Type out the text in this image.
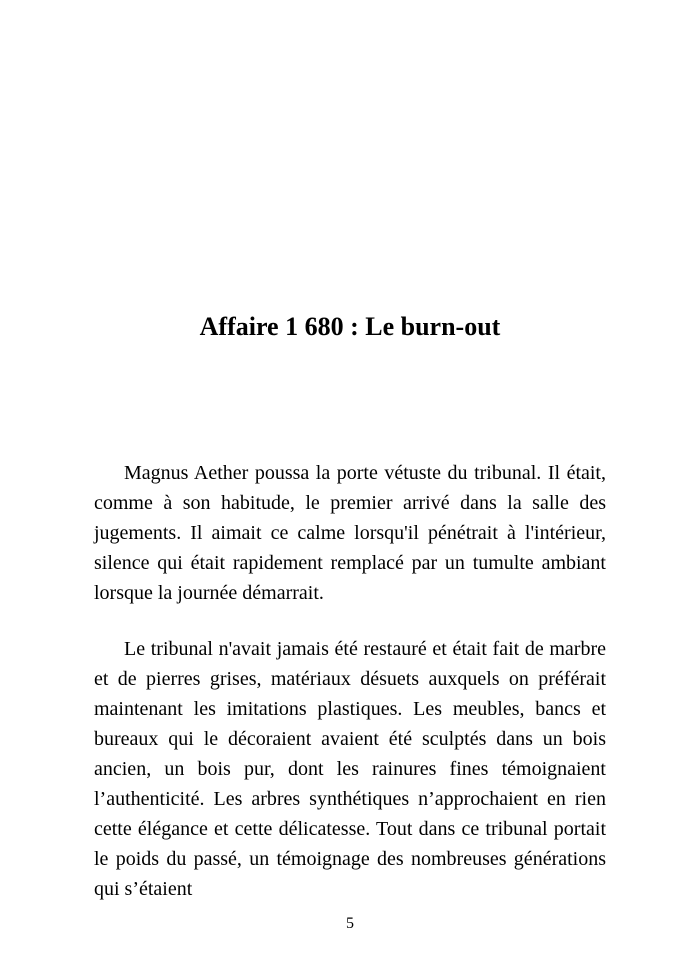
Affaire 1 680 : Le burn-out

Magnus Aether poussa la porte vétuste du tribunal. Il était, comme à son habitude, le premier arrivé dans la salle des jugements. Il aimait ce calme lorsqu'il pénétrait à l'intérieur, silence qui était rapidement remplacé par un tumulte ambiant lorsque la journée démarrait.

Le tribunal n'avait jamais été restauré et était fait de marbre et de pierres grises, matériaux désuets auxquels on préférait maintenant les imitations plastiques. Les meubles, bancs et bureaux qui le décoraient avaient été sculptés dans un bois ancien, un bois pur, dont les rainures fines témoignaient l’authenticité. Les arbres synthétiques n’approchaient en rien cette élégance et cette délicatesse. Tout dans ce tribunal portait le poids du passé, un témoignage des nombreuses générations qui s’étaient

5
